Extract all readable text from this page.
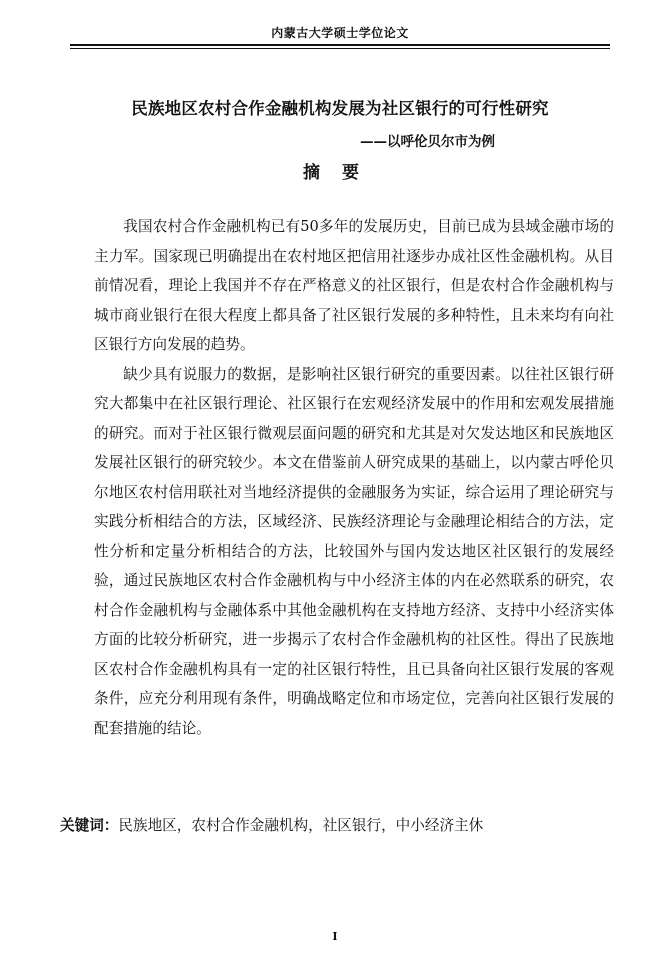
内蒙古大学硕士学位论文
民族地区农村合作金融机构发展为社区银行的可行性研究
——以呼伦贝尔市为例
摘 要

我国农村合作金融机构已有50多年的发展历史，目前已成为县域金融市场的主力军。国家现已明确提出在农村地区把信用社逐步办成社区性金融机构。从目前情况看，理论上我国并不存在严格意义的社区银行，但是农村合作金融机构与城市商业银行在很大程度上都具备了社区银行发展的多种特性，且未来均有向社区银行方向发展的趋势。

缺少具有说服力的数据，是影响社区银行研究的重要因素。以往社区银行研究大都集中在社区银行理论、社区银行在宏观经济发展中的作用和宏观发展措施的研究。而对于社区银行微观层面问题的研究和尤其是对欠发达地区和民族地区发展社区银行的研究较少。本文在借鉴前人研究成果的基础上，以内蒙古呼伦贝尔地区农村信用联社对当地经济提供的金融服务为实证，综合运用了理论研究与实践分析相结合的方法，区域经济、民族经济理论与金融理论相结合的方法，定性分析和定量分析相结合的方法，比较国外与国内发达地区社区银行的发展经验，通过民族地区农村合作金融机构与中小经济主体的内在必然联系的研究，农村合作金融机构与金融体系中其他金融机构在支持地方经济、支持中小经济实体方面的比较分析研究，进一步揭示了农村合作金融机构的社区性。得出了民族地区农村合作金融机构具有一定的社区银行特性，且已具备向社区银行发展的客观条件，应充分利用现有条件，明确战略定位和市场定位，完善向社区银行发展的配套措施的结论。

关键词：民族地区，农村合作金融机构，社区银行，中小经济主休
I
